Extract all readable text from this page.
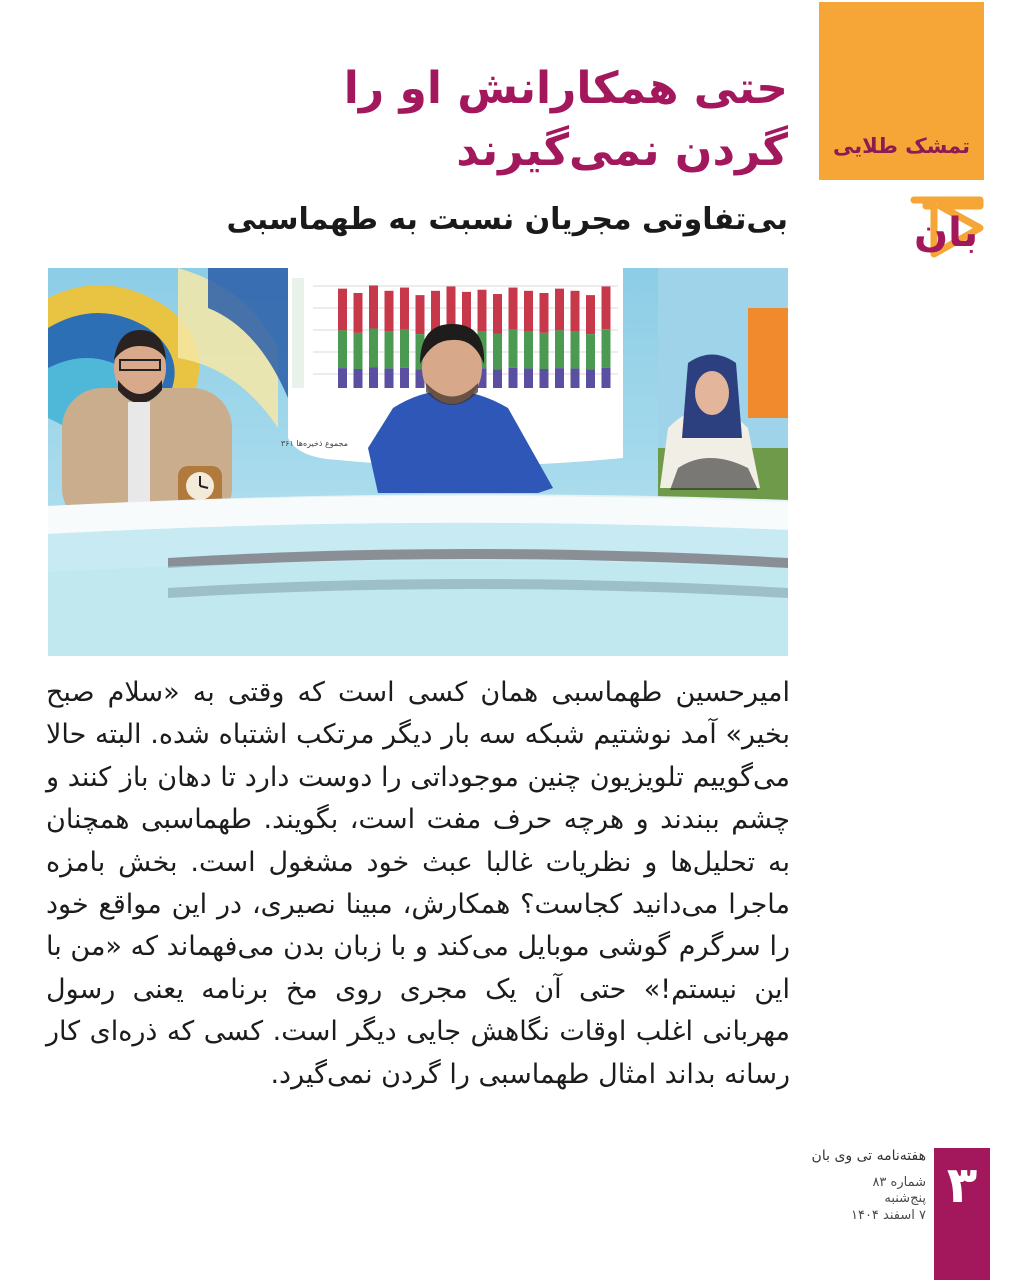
تمشک طلایی
بان
حتی همکارانش او را
گردن نمی‌گیرند
بی‌تفاوتی مجریان نسبت به طهماسبی
مجموع ذخیره‌ها ۳۶۱

امیرحسین طهماسبی همان کسی است که وقتی به «سلام صبح بخیر» آمد نوشتیم شبکه سه بار دیگر مرتکب اشتباه شده. البته حالا می‌گوییم تلویزیون چنین موجوداتی را دوست دارد تا دهان باز کنند و چشم ببندند و هرچه حرف مفت است، بگویند. طهماسبی همچنان به تحلیل‌ها و نظریات غالبا عبث خود مشغول است. بخش بامزه ماجرا می‌دانید کجاست؟ همکارش، مبینا نصیری، در این مواقع خود را سرگرم گوشی موبایل می‌کند و با زبان بدن می‌فهماند که «من با این نیستم!» حتی آن یک مجری روی مخ برنامه یعنی رسول مهربانی اغلب اوقات نگاهش جایی دیگر است. کسی که ذره‌ای کار رسانه بداند امثال طهماسبی را گردن نمی‌گیرد.

۳
هفته‌نامه تی وی بان
شماره ۸۳
پنج‌شنبه
۷ اسفند ۱۴۰۴
